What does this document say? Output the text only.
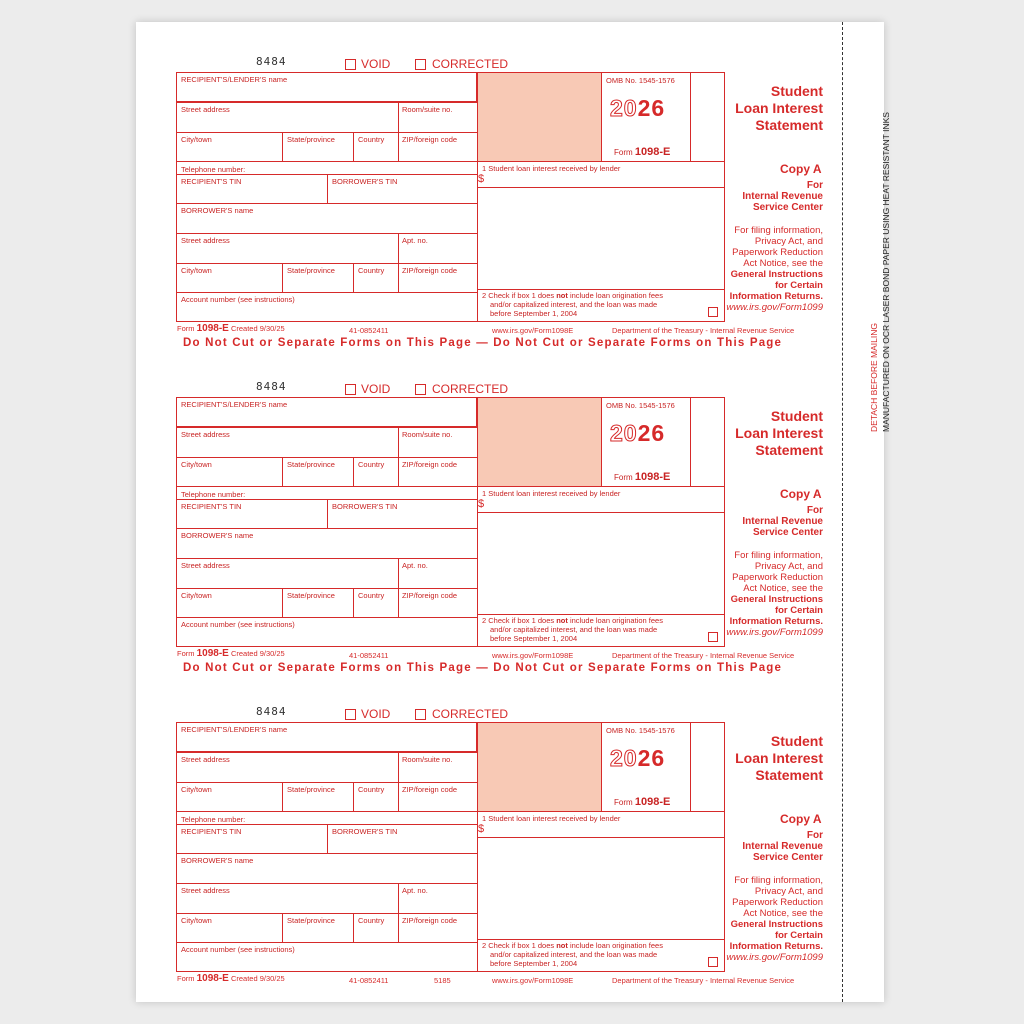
DETACH BEFORE MAILING MANUFACTURED ON OCR LASER BOND PAPER USING HEAT RESISTANT INKS
8484	VOID	CORRECTED
RECIPIENT'S/LENDER'S name
Street address	Room/suite no.
City/town	State/province	Country ZIP/foreign code
Telephone number:
RECIPIENT'S TIN	BORROWER'S TIN
BORROWER'S name
Street address	Apt. no.
City/town	State/province	Country ZIP/foreign code
Account number (see instructions)
1 Student loan interest received by lender
$
2 Check if box 1 does not include loan origination fees
and/or capitalized interest, and the loan was made
before September 1, 2004
OMB No. 1545-1576
2026
Form 1098-E
Student
Loan Interest
Statement
Copy A
For
Internal Revenue
Service Center
For filing information,
Privacy Act, and
Paperwork Reduction
Act Notice, see the
General Instructions
for Certain
Information Returns.
www.irs.gov/Form1099
Form 1098-E Created 9/30/25	41-0852411	www.irs.gov/Form1098E	Department of the Treasury - Internal Revenue Service
Do Not Cut or Separate Forms on This Page — Do Not Cut or Separate Forms on This Page
8484	VOID	CORRECTED
RECIPIENT'S/LENDER'S name
Street address	Room/suite no.
City/town	State/province	Country ZIP/foreign code
Telephone number:
RECIPIENT'S TIN	BORROWER'S TIN
BORROWER'S name
Street address	Apt. no.
City/town	State/province	Country ZIP/foreign code
Account number (see instructions)
1 Student loan interest received by lender
$
2 Check if box 1 does not include loan origination fees
and/or capitalized interest, and the loan was made
before September 1, 2004
OMB No. 1545-1576
2026
Form 1098-E
Student
Loan Interest
Statement
Copy A
For
Internal Revenue
Service Center
For filing information,
Privacy Act, and
Paperwork Reduction
Act Notice, see the
General Instructions
for Certain
Information Returns.
www.irs.gov/Form1099
Form 1098-E Created 9/30/25	41-0852411	www.irs.gov/Form1098E	Department of the Treasury - Internal Revenue Service
Do Not Cut or Separate Forms on This Page — Do Not Cut or Separate Forms on This Page
8484	VOID	CORRECTED
RECIPIENT'S/LENDER'S name
Street address	Room/suite no.
City/town	State/province	Country ZIP/foreign code
Telephone number:
RECIPIENT'S TIN	BORROWER'S TIN
BORROWER'S name
Street address	Apt. no.
City/town	State/province	Country ZIP/foreign code
Account number (see instructions)
1 Student loan interest received by lender
$
2 Check if box 1 does not include loan origination fees
and/or capitalized interest, and the loan was made
before September 1, 2004
OMB No. 1545-1576
2026
Form 1098-E
Student
Loan Interest
Statement
Copy A
For
Internal Revenue
Service Center
For filing information,
Privacy Act, and
Paperwork Reduction
Act Notice, see the
General Instructions
for Certain
Information Returns.
www.irs.gov/Form1099
Form 1098-E Created 9/30/25	41-0852411	5185	www.irs.gov/Form1098E	Department of the Treasury - Internal Revenue Service
